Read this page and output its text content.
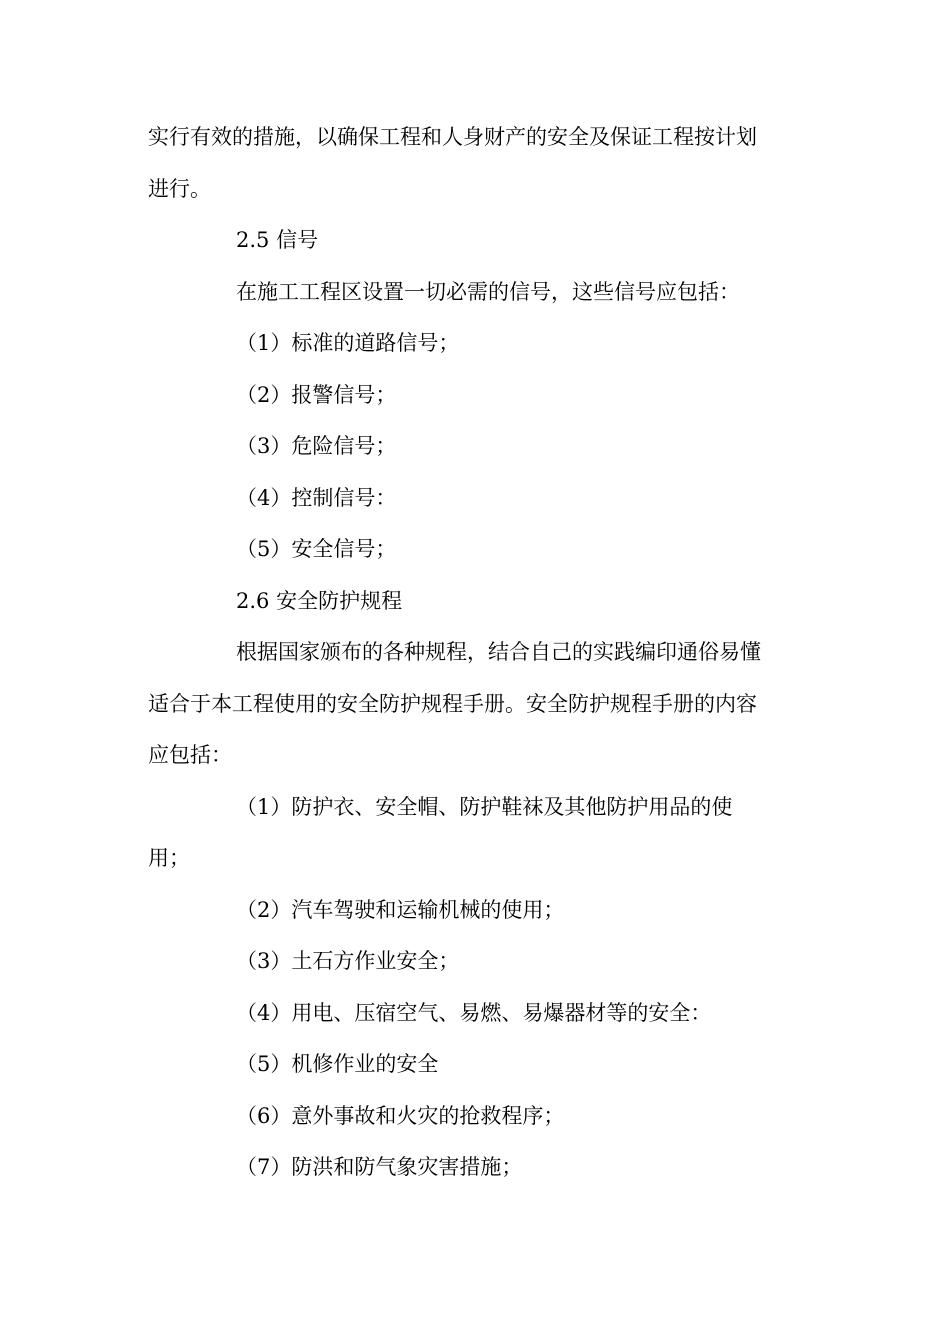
实行有效的措施，以确保工程和人身财产的安全及保证工程按计划
进行。
2.5 信号
在施工工程区设置一切必需的信号，这些信号应包括：
（1）标准的道路信号；
（2）报警信号；
（3）危险信号；
（4）控制信号：
（5）安全信号；
2.6 安全防护规程
根据国家颁布的各种规程，结合自己的实践编印通俗易懂
适合于本工程使用的安全防护规程手册。安全防护规程手册的内容
应包括：
（1）防护衣、安全帽、防护鞋袜及其他防护用品的使
用；
（2）汽车驾驶和运输机械的使用；
（3）土石方作业安全；
（4）用电、压宿空气、易燃、易爆器材等的安全：
（5）机修作业的安全
（6）意外事故和火灾的抢救程序；
（7）防洪和防气象灾害措施；
